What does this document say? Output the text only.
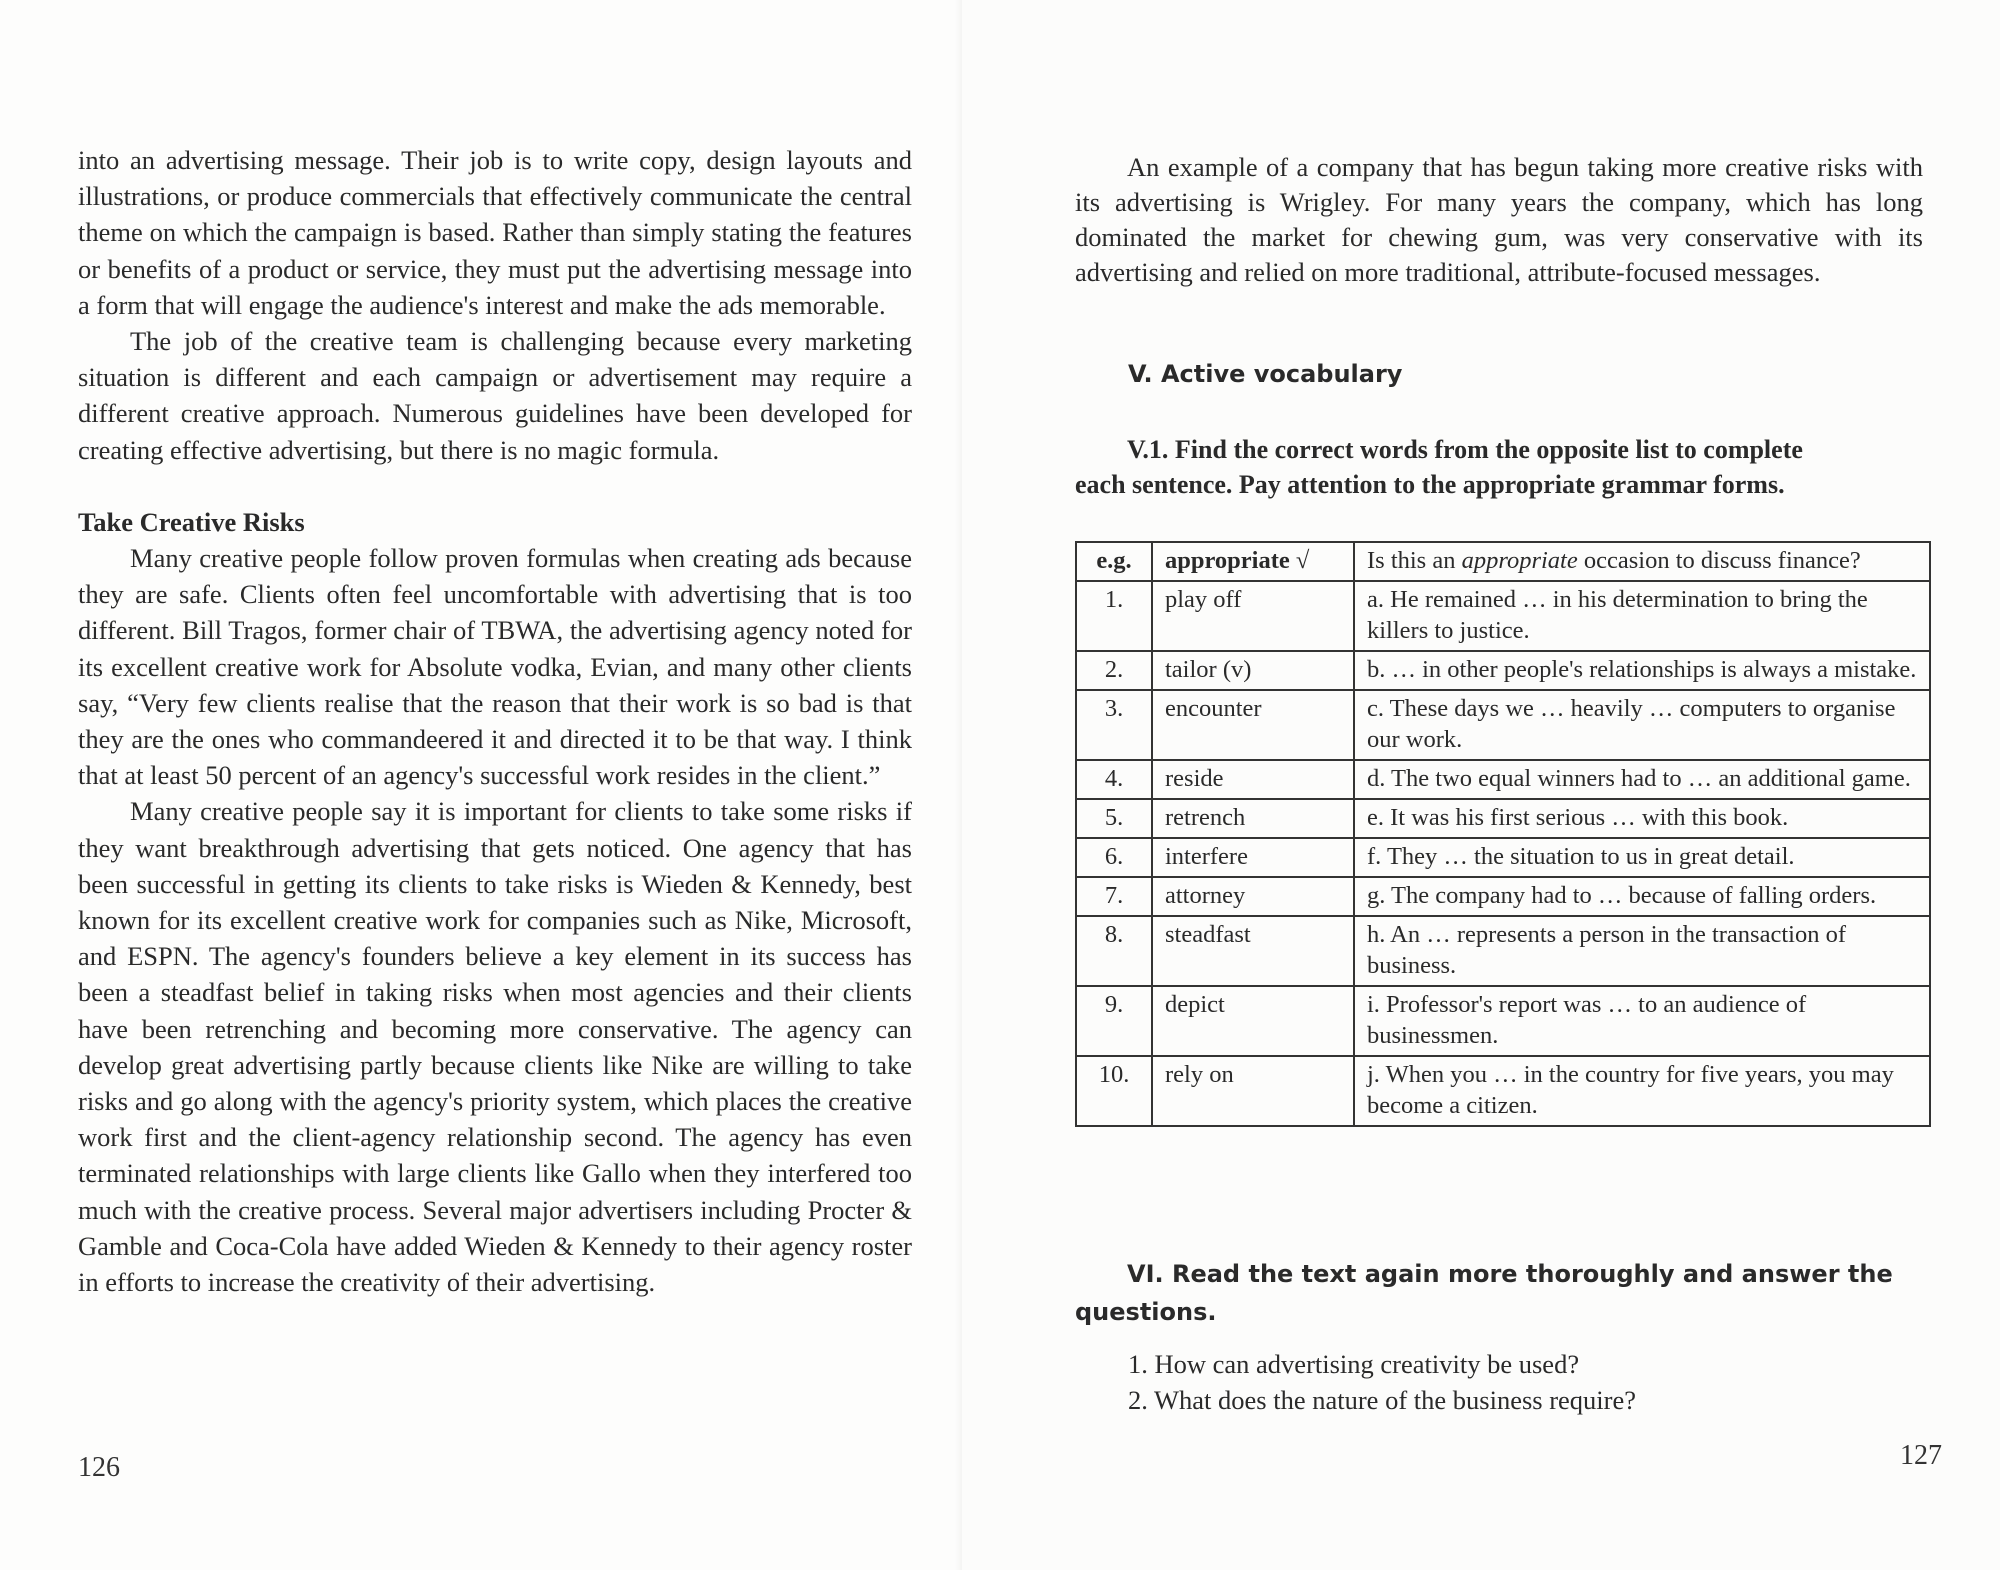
into an advertising message. Their job is to write copy, design layouts and illustrations, or produce commercials that effectively communicate the central theme on which the campaign is based. Rather than simply stating the features or benefits of a product or service, they must put the advertising message into a form that will engage the audience's interest and make the ads memorable.

The job of the creative team is challenging because every marketing situation is different and each campaign or advertisement may require a different creative approach. Numerous guidelines have been developed for creating effective advertising, but there is no magic formula.

Take Creative Risks

Many creative people follow proven formulas when creating ads because they are safe. Clients often feel uncomfortable with advertising that is too different. Bill Tragos, former chair of TBWA, the advertising agency noted for its excellent creative work for Absolute vodka, Evian, and many other clients say, “Very few clients realise that the reason that their work is so bad is that they are the ones who commandeered it and directed it to be that way. I think that at least 50 percent of an agency's successful work resides in the client.”

Many creative people say it is important for clients to take some risks if they want breakthrough advertising that gets noticed. One agency that has been successful in getting its clients to take risks is Wieden & Kennedy, best known for its excellent creative work for companies such as Nike, Microsoft, and ESPN. The agency's founders believe a key element in its success has been a steadfast belief in taking risks when most agencies and their clients have been retrenching and becoming more conservative. The agency can develop great advertising partly because clients like Nike are willing to take risks and go along with the agency's priority system, which places the creative work first and the client-agency relationship second. The agency has even terminated relationships with large clients like Gallo when they interfered too much with the creative process. Several major advertisers including Procter & Gamble and Coca-Cola have added Wieden & Kennedy to their agency roster in efforts to increase the creativity of their advertising.

126

An example of a company that has begun taking more creative risks with its advertising is Wrigley. For many years the company, which has long dominated the market for chewing gum, was very conservative with its advertising and relied on more traditional, attribute-focused messages.

V. Active vocabulary
V.1. Find the correct words from the opposite list to complete
each sentence. Pay attention to the appropriate grammar forms.
e.g.	appropriate √	Is this an appropriate occasion to discuss finance?
1.	play off	a. He remained … in his determination to bring the killers to justice.
2.	tailor (v)	b. … in other people's relationships is always a mistake.
3.	encounter	c. These days we … heavily … computers to organise our work.
4.	reside	d. The two equal winners had to … an additional game.
5.	retrench	e. It was his first serious … with this book.
6.	interfere	f. They … the situation to us in great detail.
7.	attorney	g. The company had to … because of falling orders.
8.	steadfast	h. An … represents a person in the transaction of business.
9.	depict	i. Professor's report was … to an audience of businessmen.
10.	rely on	j. When you … in the country for five years, you may become a citizen.
VI. Read the text again more thoroughly and answer the
questions.
1. How can advertising creativity be used?
2. What does the nature of the business require?
127
